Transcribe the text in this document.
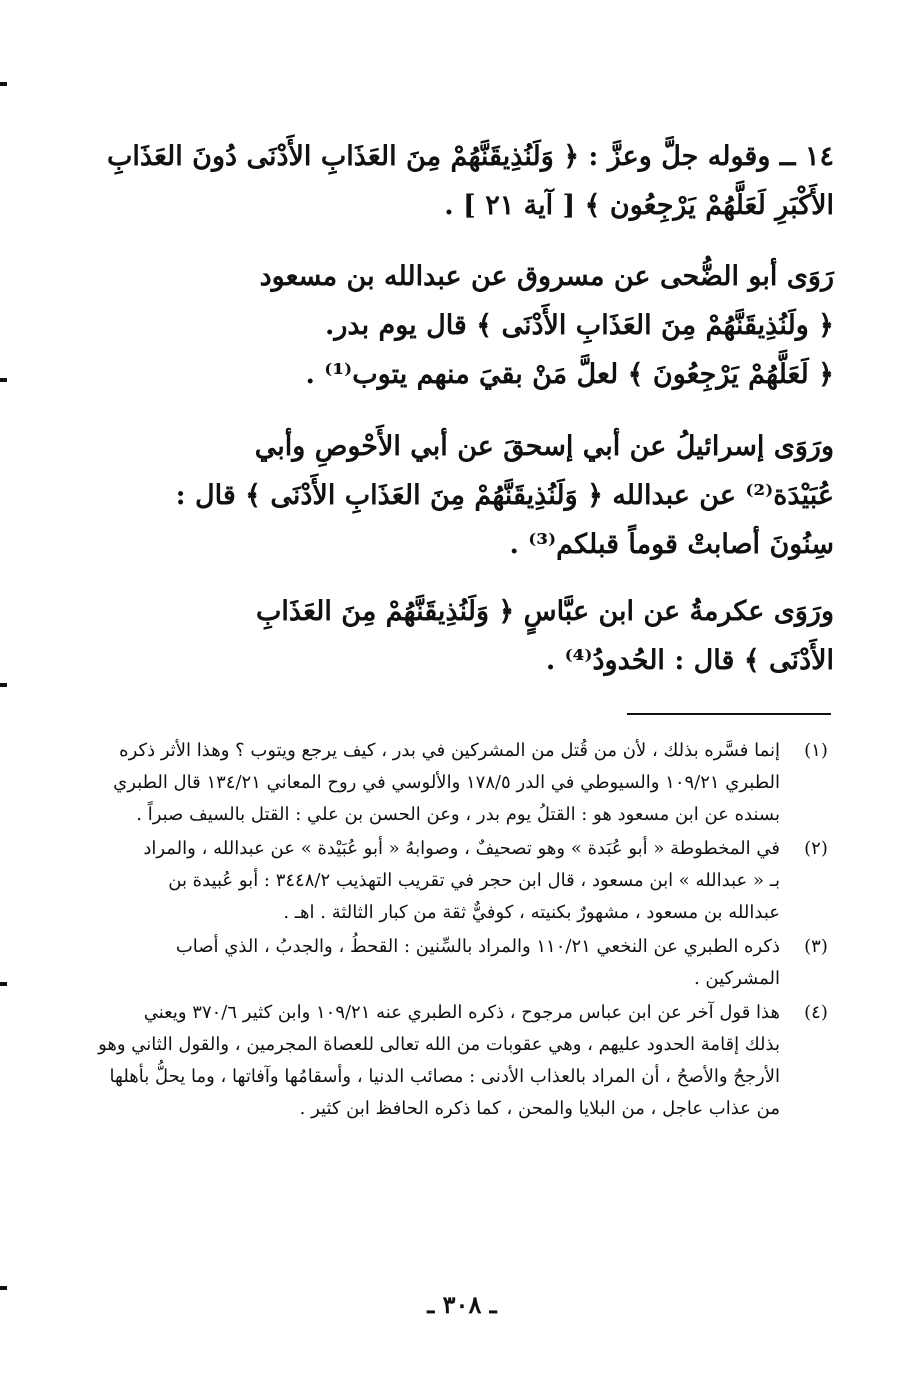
١٤ ــ وقوله جلَّ وعزَّ : ﴿ وَلَنُذِيقَنَّهُمْ مِنَ العَذَابِ الأَدْنَى دُونَ العَذَابِ
الأَكْبَرِ لَعَلَّهُمْ يَرْجِعُون ﴾ [ آية ٢١ ] .
رَوَى أبو الضُّحى عن مسروق عن عبدالله بن مسعود
﴿ ولَنُذِيقَنَّهُمْ مِنَ العَذَابِ الأَدْنَى ﴾ قال يوم بدر.
﴿ لَعَلَّهُمْ يَرْجِعُونَ ﴾ لعلَّ مَنْ بقيَ منهم يتوب⁽¹⁾ .
ورَوَى إسرائيلُ عن أبي إسحقَ عن أبي الأَحْوصِ وأبي
عُبَيْدَة⁽²⁾ عن عبدالله ﴿ وَلَنُذِيقَنَّهُمْ مِنَ العَذَابِ الأَدْنَى ﴾ قال :
سِنُونَ أصابتْ قوماً قبلكم⁽³⁾ .
ورَوَى عكرمةُ عن ابن عبَّاسٍ ﴿ وَلَنُذِيقَنَّهُمْ مِنَ العَذَابِ
الأَدْنَى ﴾ قال : الحُدودُ⁽⁴⁾ .
(١)
إنما فسَّره بذلك ، لأن من قُتل من المشركين في بدر ، كيف يرجع ويتوب ؟ وهذا الأثر ذكره
الطبري ١٠٩/٢١ والسيوطي في الدر ١٧٨/٥ والألوسي في روح المعاني ١٣٤/٢١ قال الطبري
بسنده عن ابن مسعود هو : القتلُ يوم بدر ، وعن الحسن بن علي : القتل بالسيف صبراً .
(٢)
في المخطوطة « أبو عُبَدة » وهو تصحيفٌ ، وصوابهُ « أبو عُبَيْدة » عن عبدالله ، والمراد
بـ « عبدالله » ابن مسعود ، قال ابن حجر في تقريب التهذيب ٣٤٤٨/٢ : أبو عُبيدة بن
عبدالله بن مسعود ، مشهورٌ بكنيته ، كوفيٌّ ثقة من كبار الثالثة . اهـ .
(٣)
ذكره الطبري عن النخعي ١١٠/٢١ والمراد بالسِّنين : القحطُ ، والجدبُ ، الذي أصاب
المشركين .
(٤)
هذا قول آخر عن ابن عباس مرجوح ، ذكره الطبري عنه ١٠٩/٢١ وابن كثير ٣٧٠/٦ ويعني
بذلك إقامة الحدود عليهم ، وهي عقوبات من الله تعالى للعصاة المجرمين ، والقول الثاني وهو
الأرجحُ والأصحُ ، أن المراد بالعذاب الأدنى : مصائب الدنيا ، وأسقامُها وآفاتها ، وما يحلُّ بأهلها
من عذاب عاجل ، من البلايا والمحن ، كما ذكره الحافظ ابن كثير .
ـ ٣٠٨ ـ
